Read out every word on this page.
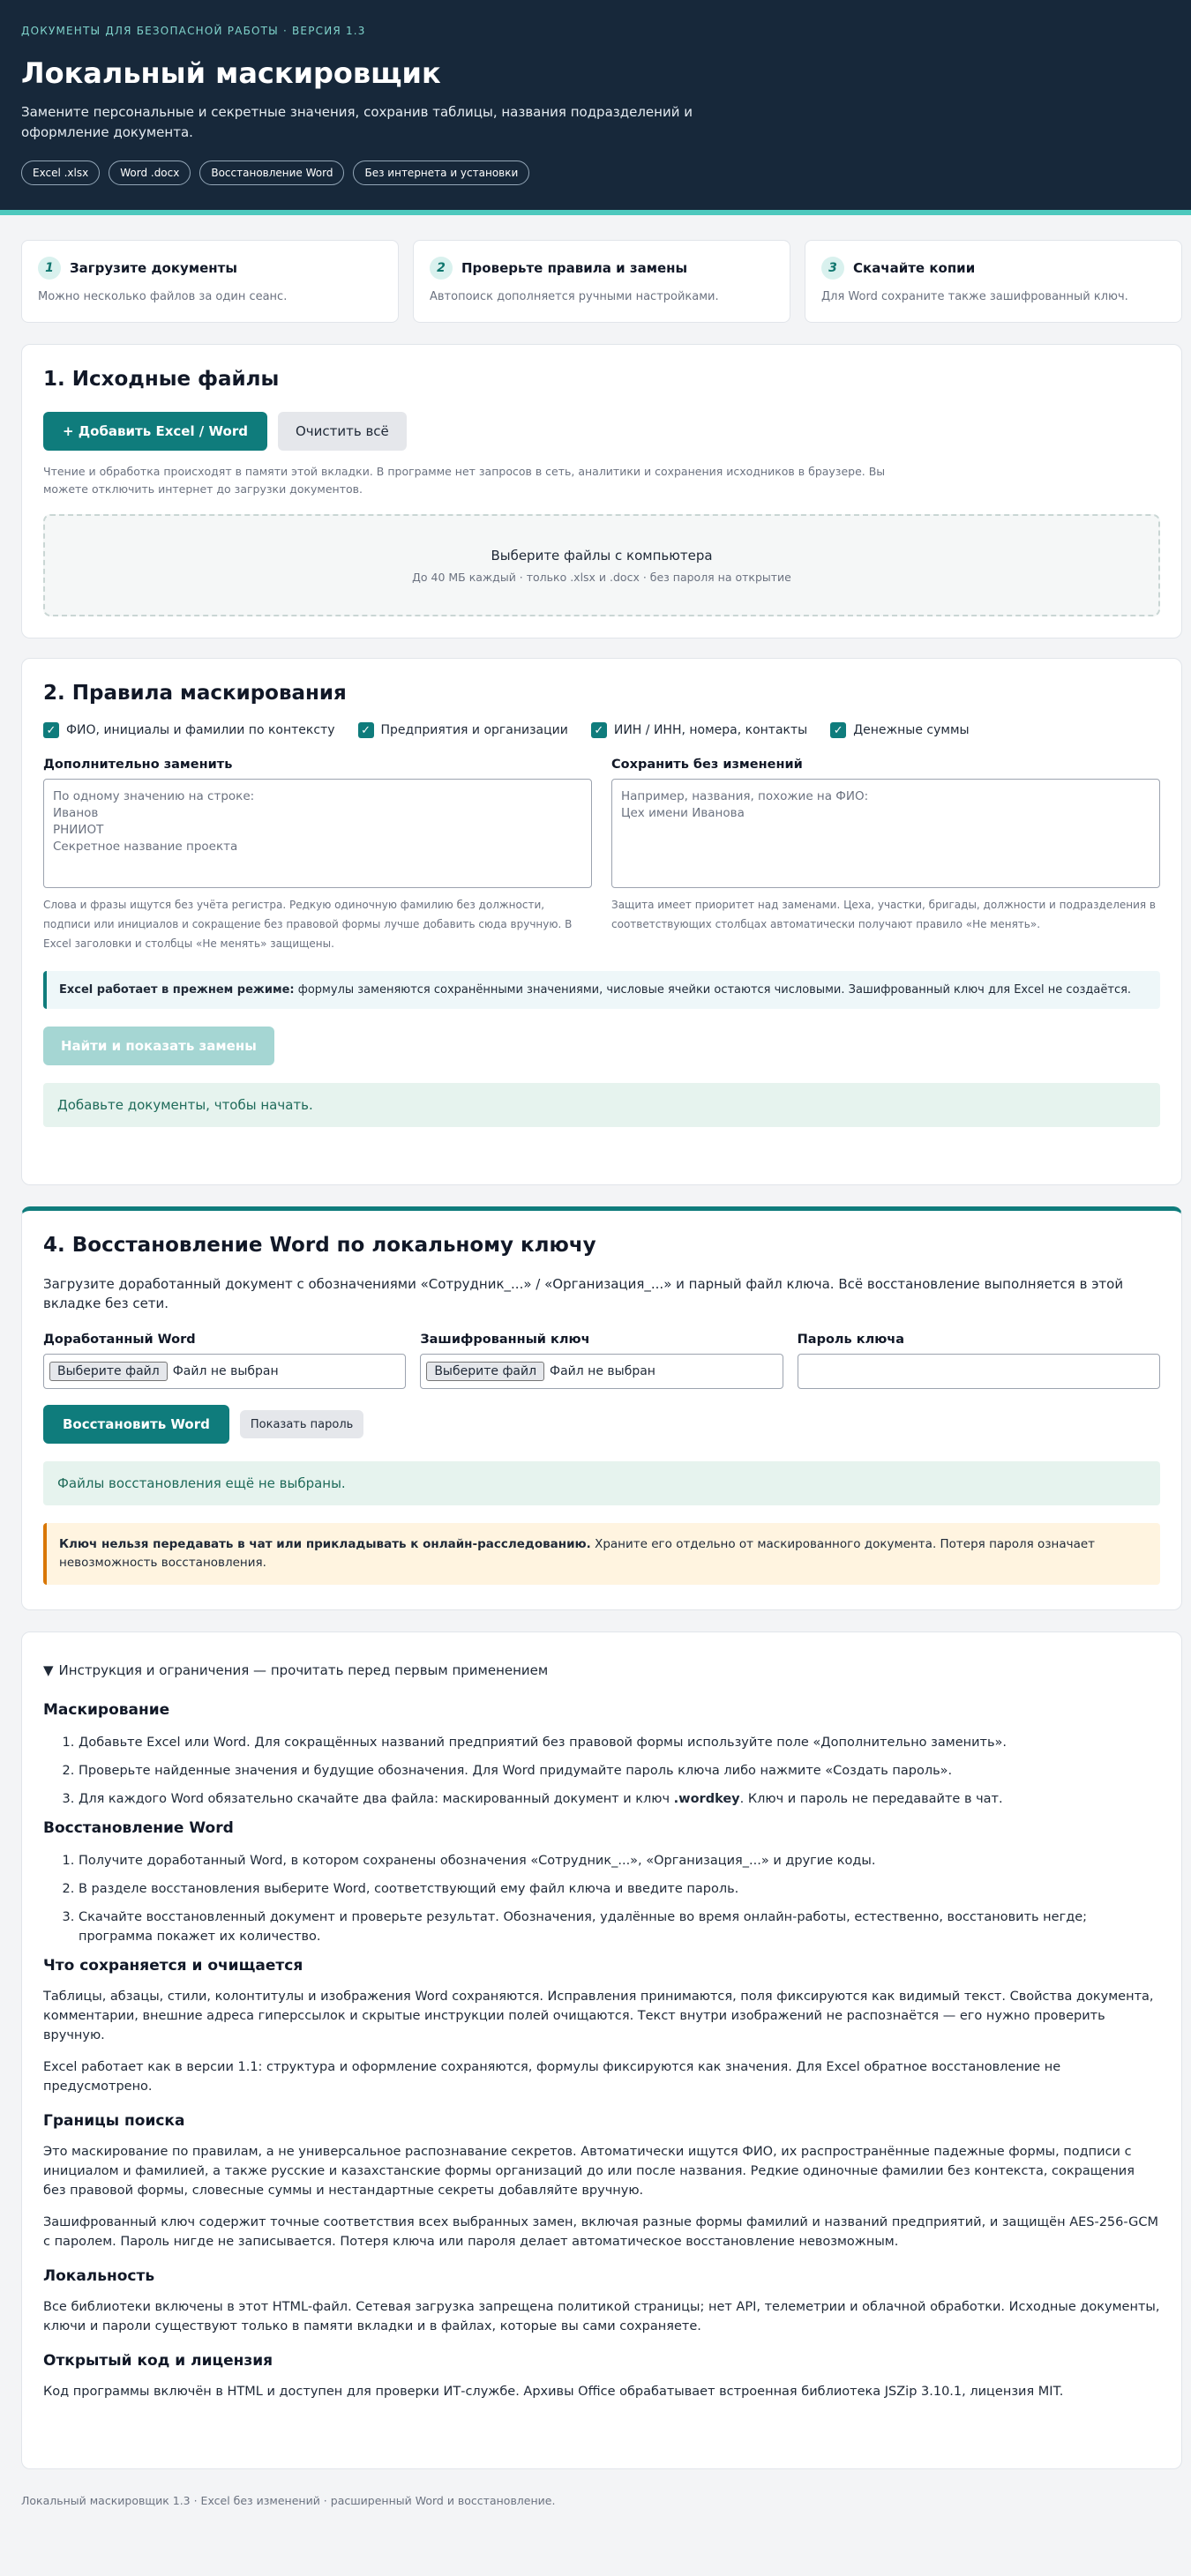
ДОКУМЕНТЫ ДЛЯ БЕЗОПАСНОЙ РАБОТЫ · ВЕРСИЯ 1.3
Локальный маскировщик
Замените персональные и секретные значения, сохранив таблицы, названия подразделений и оформление документа.
Excel .xlsx	Word .docx	Восстановление Word	Без интернета и установки
1	Загрузите документы
Можно несколько файлов за один сеанс.
2	Проверьте правила и замены
Автопоиск дополняется ручными настройками.
3	Скачайте копии
Для Word сохраните также зашифрованный ключ.
1. Исходные файлы
+ Добавить Excel / Word	Очистить всё
Чтение и обработка происходят в памяти этой вкладки. В программе нет запросов в сеть, аналитики и сохранения исходников в браузере. Вы можете отключить интернет до загрузки документов.
Выберите файлы с компьютера
До 40 МБ каждый · только .xlsx и .docx · без пароля на открытие
2. Правила маскирования
✓ ФИО, инициалы и фамилии по контексту ✓ Предприятия и организации ✓ ИИН / ИНН, номера, контакты ✓ Денежные суммы
Дополнительно заменить
По одному значению на строке:
Иванов
РНИИОТ
Секретное название проекта
Слова и фразы ищутся без учёта регистра. Редкую одиночную фамилию без должности, подписи или инициалов и сокращение без правовой формы лучше добавить сюда вручную. В Excel заголовки и столбцы «Не менять» защищены.
Сохранить без изменений
Например, названия, похожие на ФИО:
Цех имени Иванова
Защита имеет приоритет над заменами. Цеха, участки, бригады, должности и подразделения в соответствующих столбцах автоматически получают правило «Не менять».
Excel работает в прежнем режиме: формулы заменяются сохранёнными значениями, числовые ячейки остаются числовыми. Зашифрованный ключ для Excel не создаётся.
Найти и показать замены
Добавьте документы, чтобы начать.
4. Восстановление Word по локальному ключу
Загрузите доработанный документ с обозначениями «Сотрудник_...» / «Организация_...» и парный файл ключа. Всё восстановление выполняется в этой вкладке без сети.
Доработанный Word
Выберите файл	Файл не выбран
Зашифрованный ключ
Выберите файл	Файл не выбран
Пароль ключа
Восстановить Word	Показать пароль
Файлы восстановления ещё не выбраны.
Ключ нельзя передавать в чат или прикладывать к онлайн-расследованию. Храните его отдельно от маскированного документа. Потеря пароля означает невозможность восстановления.
▼ Инструкция и ограничения — прочитать перед первым применением
Маскирование
1. Добавьте Excel или Word. Для сокращённых названий предприятий без правовой формы используйте поле «Дополнительно заменить».
2. Проверьте найденные значения и будущие обозначения. Для Word придумайте пароль ключа либо нажмите «Создать пароль».
3. Для каждого Word обязательно скачайте два файла: маскированный документ и ключ .wordkey. Ключ и пароль не передавайте в чат.
Восстановление Word
1. Получите доработанный Word, в котором сохранены обозначения «Сотрудник_...», «Организация_...» и другие коды.
2. В разделе восстановления выберите Word, соответствующий ему файл ключа и введите пароль.
3. Скачайте восстановленный документ и проверьте результат. Обозначения, удалённые во время онлайн-работы, естественно, восстановить негде; программа покажет их количество.
Что сохраняется и очищается

Таблицы, абзацы, стили, колонтитулы и изображения Word сохраняются. Исправления принимаются, поля фиксируются как видимый текст. Свойства документа, комментарии, внешние адреса гиперссылок и скрытые инструкции полей очищаются. Текст внутри изображений не распознаётся — его нужно проверить вручную.

Excel работает как в версии 1.1: структура и оформление сохраняются, формулы фиксируются как значения. Для Excel обратное восстановление не предусмотрено.

Границы поиска

Это маскирование по правилам, а не универсальное распознавание секретов. Автоматически ищутся ФИО, их распространённые падежные формы, подписи с инициалом и фамилией, а также русские и казахстанские формы организаций до или после названия. Редкие одиночные фамилии без контекста, сокращения без правовой формы, словесные суммы и нестандартные секреты добавляйте вручную.

Зашифрованный ключ содержит точные соответствия всех выбранных замен, включая разные формы фамилий и названий предприятий, и защищён AES-256-GCM с паролем. Пароль нигде не записывается. Потеря ключа или пароля делает автоматическое восстановление невозможным.

Локальность

Все библиотеки включены в этот HTML-файл. Сетевая загрузка запрещена политикой страницы; нет API, телеметрии и облачной обработки. Исходные документы, ключи и пароли существуют только в памяти вкладки и в файлах, которые вы сами сохраняете.

Открытый код и лицензия

Код программы включён в HTML и доступен для проверки ИТ-службе. Архивы Office обрабатывает встроенная библиотека JSZip 3.10.1, лицензия MIT.

Локальный маскировщик 1.3 · Excel без изменений · расширенный Word и восстановление.
